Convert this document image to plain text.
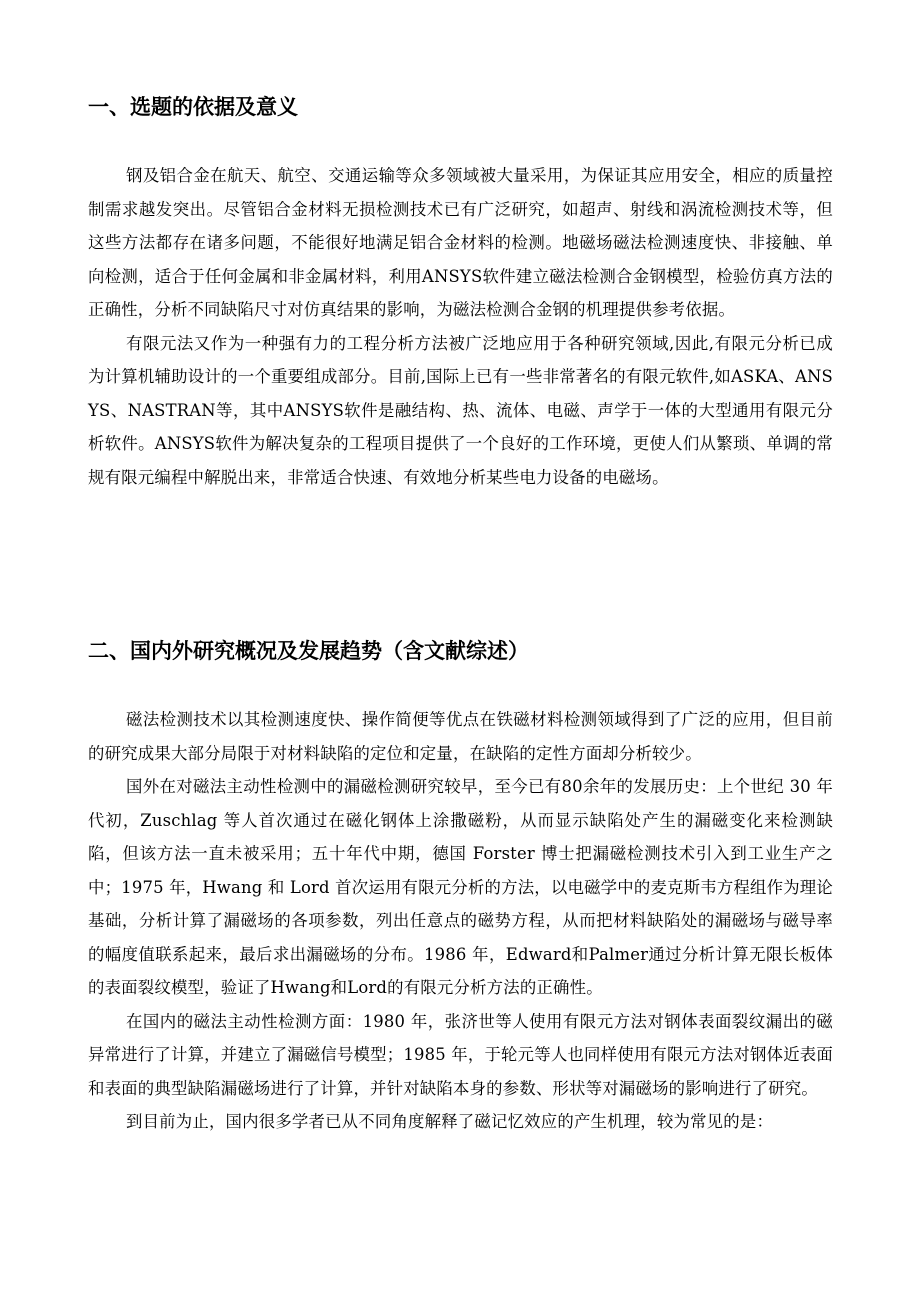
一、选题的依据及意义

钢及铝合金在航天、航空、交通运输等众多领域被大量采用，为保证其应用安全，相应的质量控制需求越发突出。尽管铝合金材料无损检测技术已有广泛研究，如超声、射线和涡流检测技术等，但这些方法都存在诸多问题，不能很好地满足铝合金材料的检测。地磁场磁法检测速度快、非接触、单向检测，适合于任何金属和非金属材料，利用ANSYS软件建立磁法检测合金钢模型，检验仿真方法的正确性，分析不同缺陷尺寸对仿真结果的影响，为磁法检测合金钢的机理提供参考依据。

有限元法又作为一种强有力的工程分析方法被广泛地应用于各种研究领域,因此,有限元分析已成为计算机辅助设计的一个重要组成部分。目前,国际上已有一些非常著名的有限元软件,如ASKA、ANSYS、NASTRAN等，其中ANSYS软件是融结构、热、流体、电磁、声学于一体的大型通用有限元分析软件。ANSYS软件为解决复杂的工程项目提供了一个良好的工作环境，更使人们从繁琐、单调的常规有限元编程中解脱出来，非常适合快速、有效地分析某些电力设备的电磁场。

二、国内外研究概况及发展趋势（含文献综述）

磁法检测技术以其检测速度快、操作简便等优点在铁磁材料检测领域得到了广泛的应用，但目前的研究成果大部分局限于对材料缺陷的定位和定量，在缺陷的定性方面却分析较少。

国外在对磁法主动性检测中的漏磁检测研究较早，至今已有80余年的发展历史：上个世纪 30 年代初，Zuschlag 等人首次通过在磁化钢体上涂撒磁粉，从而显示缺陷处产生的漏磁变化来检测缺陷，但该方法一直未被采用；五十年代中期，德国 Forster 博士把漏磁检测技术引入到工业生产之中；1975 年，Hwang 和 Lord 首次运用有限元分析的方法，以电磁学中的麦克斯韦方程组作为理论基础，分析计算了漏磁场的各项参数，列出任意点的磁势方程，从而把材料缺陷处的漏磁场与磁导率的幅度值联系起来，最后求出漏磁场的分布。1986 年，Edward和Palmer通过分析计算无限长板体的表面裂纹模型，验证了Hwang和Lord的有限元分析方法的正确性。

在国内的磁法主动性检测方面：1980 年，张济世等人使用有限元方法对钢体表面裂纹漏出的磁异常进行了计算，并建立了漏磁信号模型；1985 年，于轮元等人也同样使用有限元方法对钢体近表面和表面的典型缺陷漏磁场进行了计算，并针对缺陷本身的参数、形状等对漏磁场的影响进行了研究。

到目前为止，国内很多学者已从不同角度解释了磁记忆效应的产生机理，较为常见的是：
